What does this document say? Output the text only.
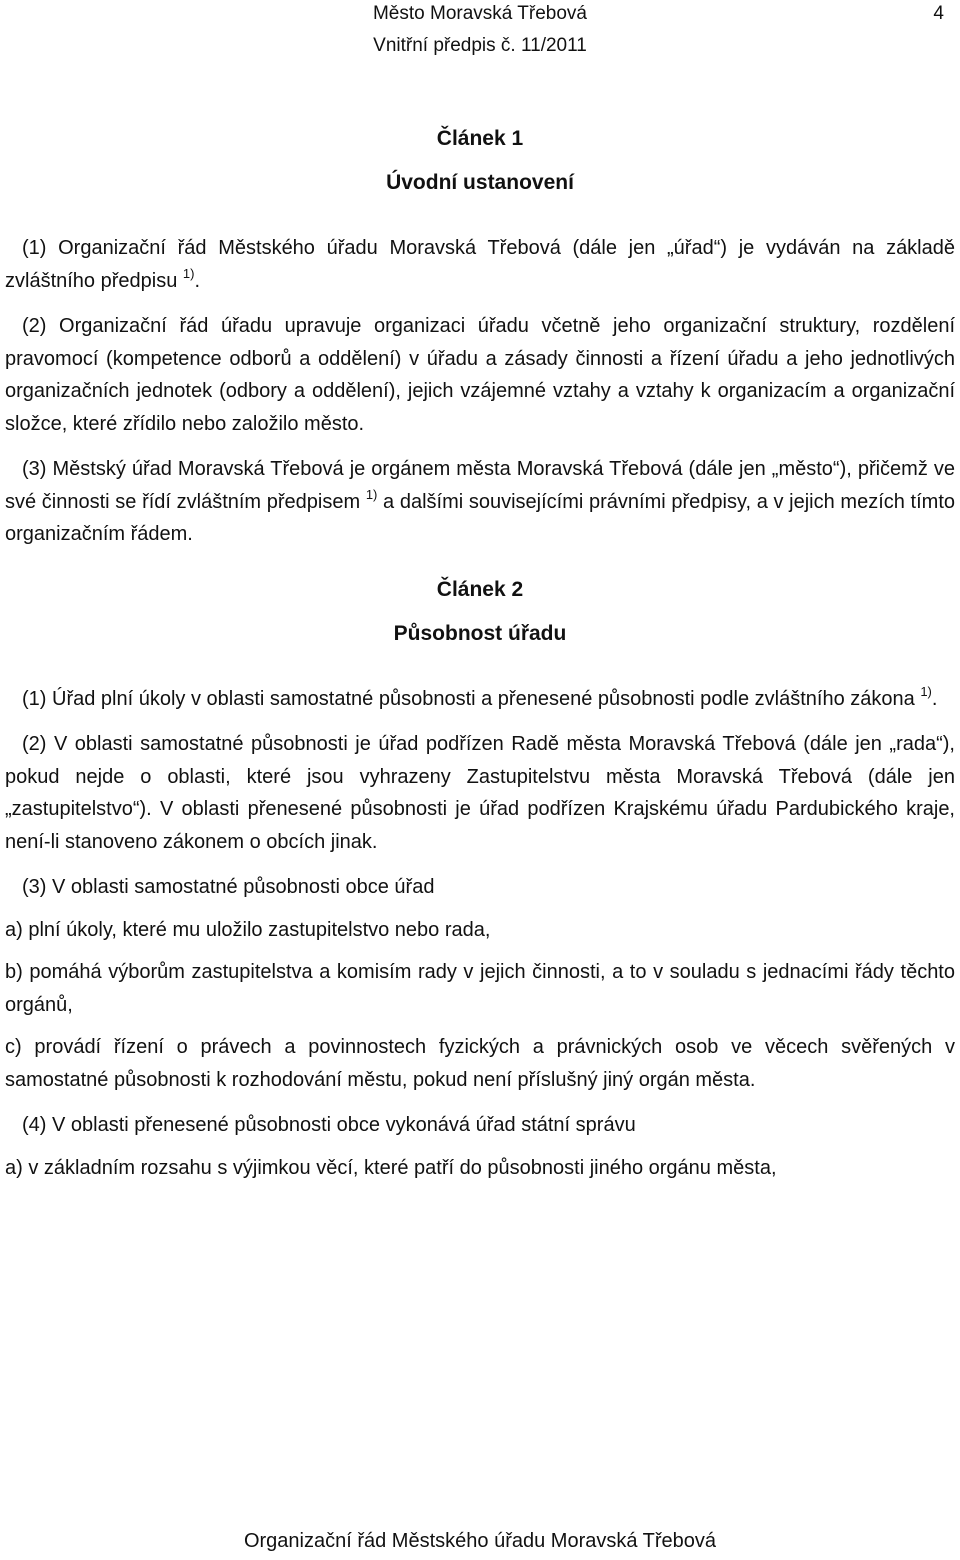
Město Moravská Třebová
Vnitřní předpis č. 11/2011
4
Článek 1
Úvodní ustanovení

(1) Organizační řád Městského úřadu Moravská Třebová (dále jen „úřad“) je vydáván na základě zvláštního předpisu $^{1)}$.

(2) Organizační řád úřadu upravuje organizaci úřadu včetně jeho organizační struktury, rozdělení pravomocí (kompetence odborů a oddělení) v úřadu a zásady činnosti a řízení úřadu a jeho jednotlivých organizačních jednotek (odbory a oddělení), jejich vzájemné vztahy a vztahy k organizacím a organizační složce, které zřídilo nebo založilo město.

(3) Městský úřad Moravská Třebová je orgánem města Moravská Třebová (dále jen „město“), přičemž ve své činnosti se řídí zvláštním předpisem $^{1)}$ a dalšími souvisejícími právními předpisy, a v jejich mezích tímto organizačním řádem.

Článek 2
Působnost úřadu

(1) Úřad plní úkoly v oblasti samostatné působnosti a přenesené působnosti podle zvláštního zákona $^{1)}$.

(2) V oblasti samostatné působnosti je úřad podřízen Radě města Moravská Třebová (dále jen „rada“), pokud nejde o oblasti, které jsou vyhrazeny Zastupitelstvu města Moravská Třebová (dále jen „zastupitelstvo“). V oblasti přenesené působnosti je úřad podřízen Krajskému úřadu Pardubického kraje, není-li stanoveno zákonem o obcích jinak.

(3) V oblasti samostatné působnosti obce úřad

a) plní úkoly, které mu uložilo zastupitelstvo nebo rada,

b) pomáhá výborům zastupitelstva a komisím rady v jejich činnosti, a to v souladu s jednacími řády těchto orgánů,

c) provádí řízení o právech a povinnostech fyzických a právnických osob ve věcech svěřených v samostatné působnosti k rozhodování městu, pokud není příslušný jiný orgán města.

(4) V oblasti přenesené působnosti obce vykonává úřad státní správu

a) v základním rozsahu s výjimkou věcí, které patří do působnosti jiného orgánu města,

Organizační řád Městského úřadu Moravská Třebová
